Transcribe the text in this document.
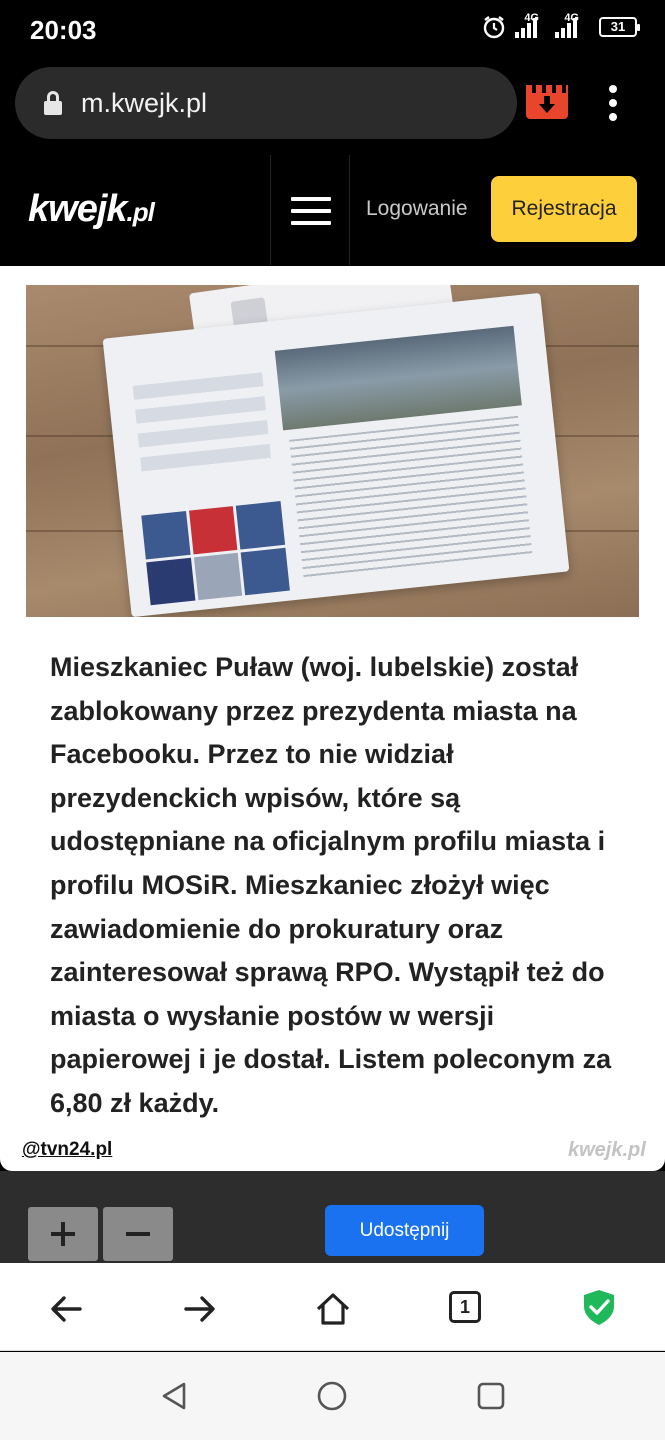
20:03	4G 4G
31
m.kwejk.pl
kwejk.pl	Logowanie	Rejestracja
Mieszkaniec Puław (woj. lubelskie) został zablokowany przez prezydenta miasta na Facebooku. Przez to nie widział prezydenckich wpisów, które są udostępniane na oficjalnym profilu miasta i profilu MOSiR. Mieszkaniec złożył więc zawiadomienie do prokuratury oraz zainteresował sprawą RPO. Wystąpił też do miasta o wysłanie postów w wersji papierowej i je dostał. Listem poleconym za 6,80 zł każdy.
@tvn24.pl	kwejk.pl
Udostępnij
1
